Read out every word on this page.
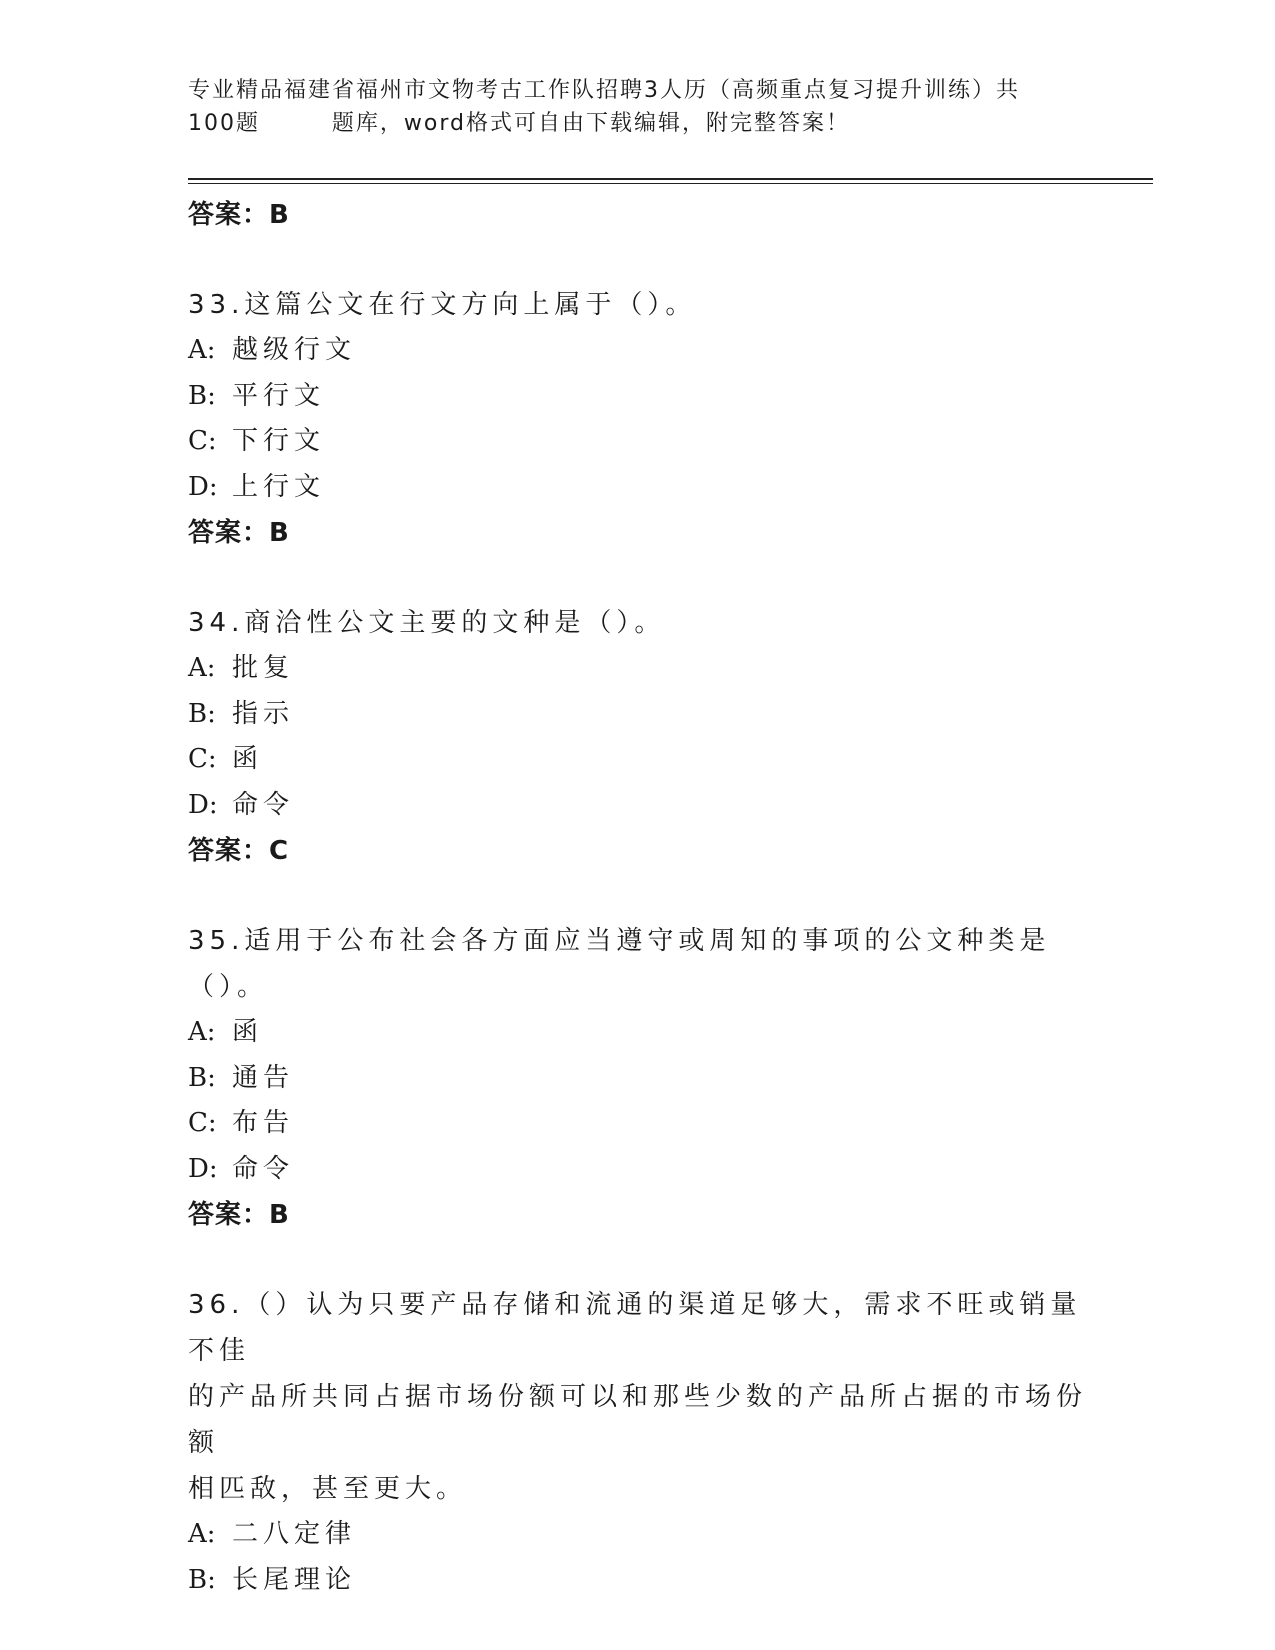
专业精品福建省福州市文物考古工作队招聘3人历（高频重点复习提升训练）共
100题        题库，word格式可自由下载编辑，附完整答案！
答案：B
33.这篇公文在行文方向上属于（）。
A: 越级行文
B: 平行文
C: 下行文
D: 上行文
答案：B
34.商洽性公文主要的文种是（）。
A: 批复
B: 指示
C: 函
D: 命令
答案：C
35.适用于公布社会各方面应当遵守或周知的事项的公文种类是（）。
A: 函
B: 通告
C: 布告
D: 命令
答案：B
36.（）认为只要产品存储和流通的渠道足够大，需求不旺或销量不佳
的产品所共同占据市场份额可以和那些少数的产品所占据的市场份额
相匹敌，甚至更大。
A: 二八定律
B: 长尾理论
